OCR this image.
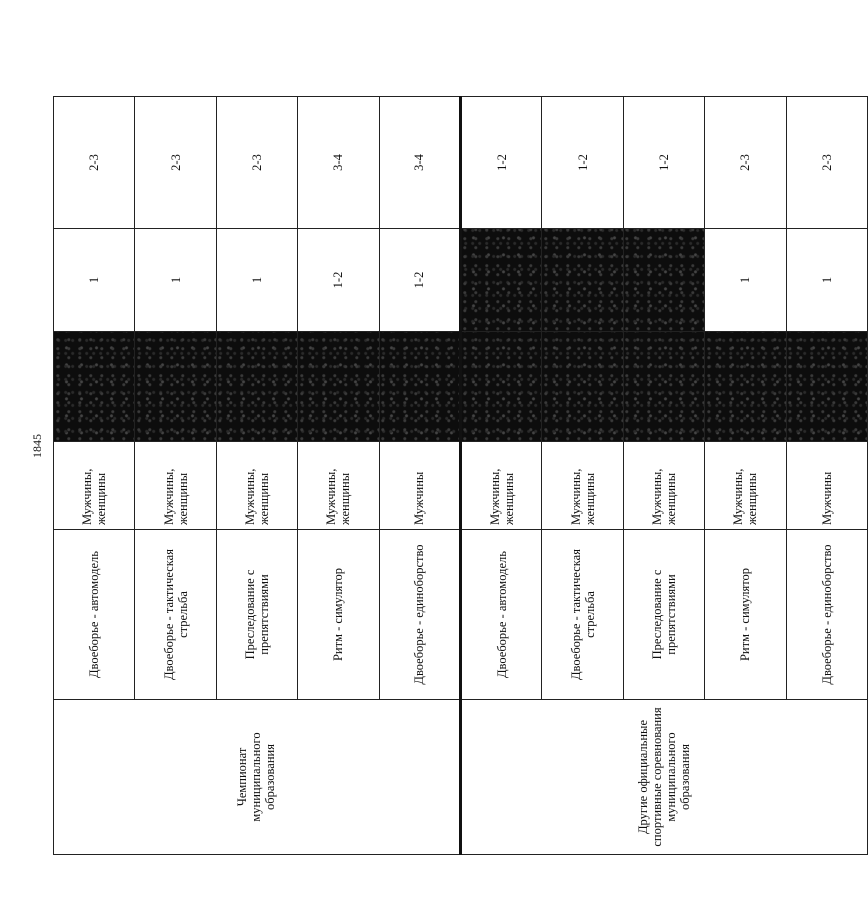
1845
Чемпионат муниципального образования	Двоеборье - автомодель	Мужчины, женщины		1	2-3
	Двоеборье - тактическая стрельба	Мужчины, женщины		1	2-3
	Преследование с препятствиями	Мужчины, женщины		1	2-3
	Ритм - симулятор	Мужчины, женщины		1-2	3-4
	Двоеборье - единоборство	Мужчины		1-2	3-4
Другие официальные спортивные соревнования муниципального образования	Двоеборье - автомодель	Мужчины, женщины			1-2
	Двоеборье - тактическая стрельба	Мужчины, женщины			1-2
	Преследование с препятствиями	Мужчины, женщины			1-2
	Ритм - симулятор	Мужчины, женщины		1	2-3
	Двоеборье - единоборство	Мужчины		1	2-3
